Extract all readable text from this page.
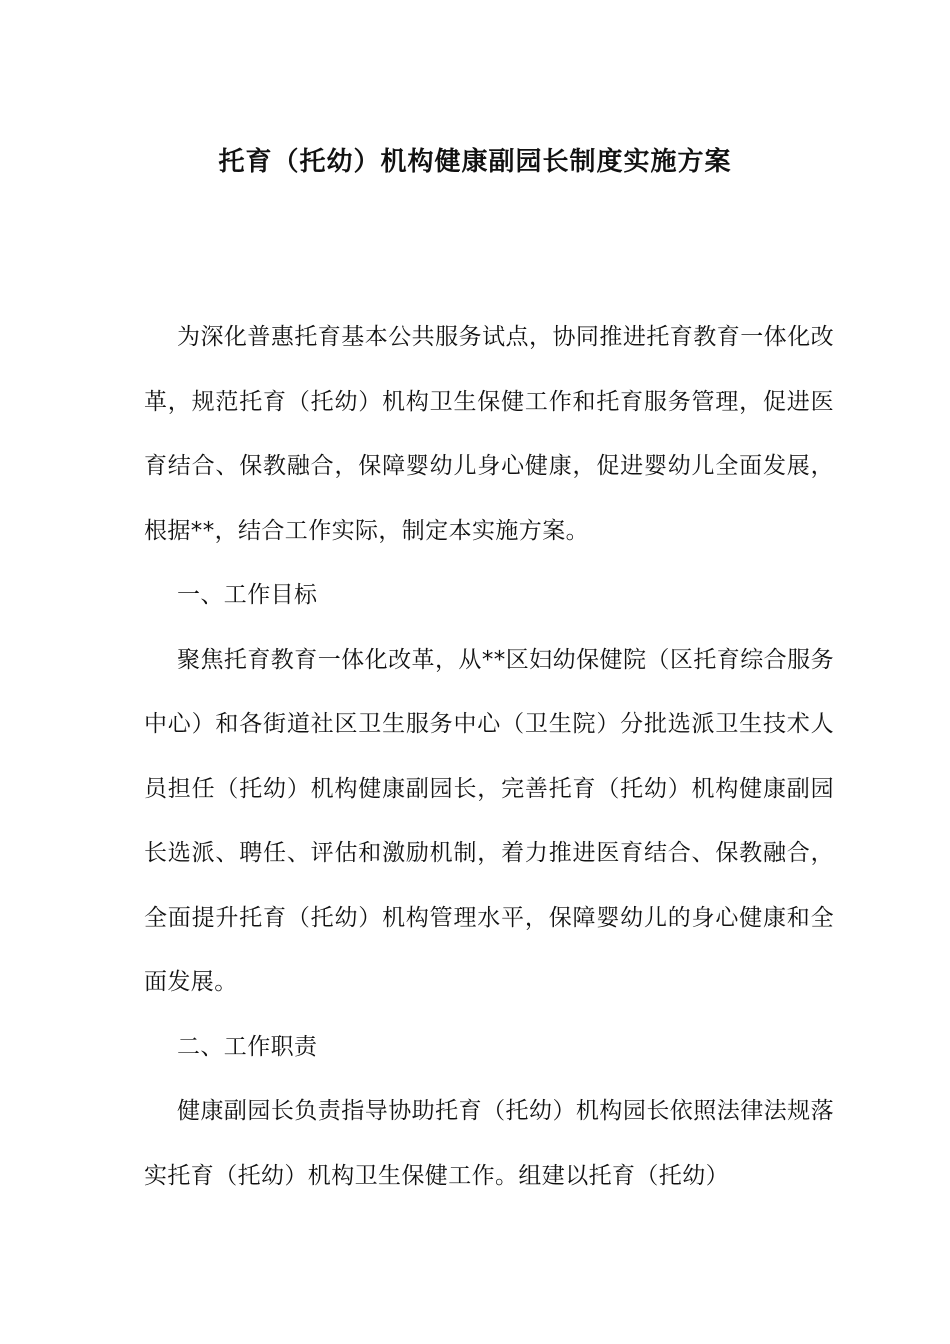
托育（托幼）机构健康副园长制度实施方案

为深化普惠托育基本公共服务试点，协同推进托育教育一体化改革，规范托育（托幼）机构卫生保健工作和托育服务管理，促进医育结合、保教融合，保障婴幼儿身心健康，促进婴幼儿全面发展，根据**，结合工作实际，制定本实施方案。

一、工作目标

聚焦托育教育一体化改革，从**区妇幼保健院（区托育综合服务中心）和各街道社区卫生服务中心（卫生院）分批选派卫生技术人员担任（托幼）机构健康副园长，完善托育（托幼）机构健康副园长选派、聘任、评估和激励机制，着力推进医育结合、保教融合，全面提升托育（托幼）机构管理水平，保障婴幼儿的身心健康和全面发展。

二、工作职责

健康副园长负责指导协助托育（托幼）机构园长依照法律法规落实托育（托幼）机构卫生保健工作。组建以托育（托幼）
